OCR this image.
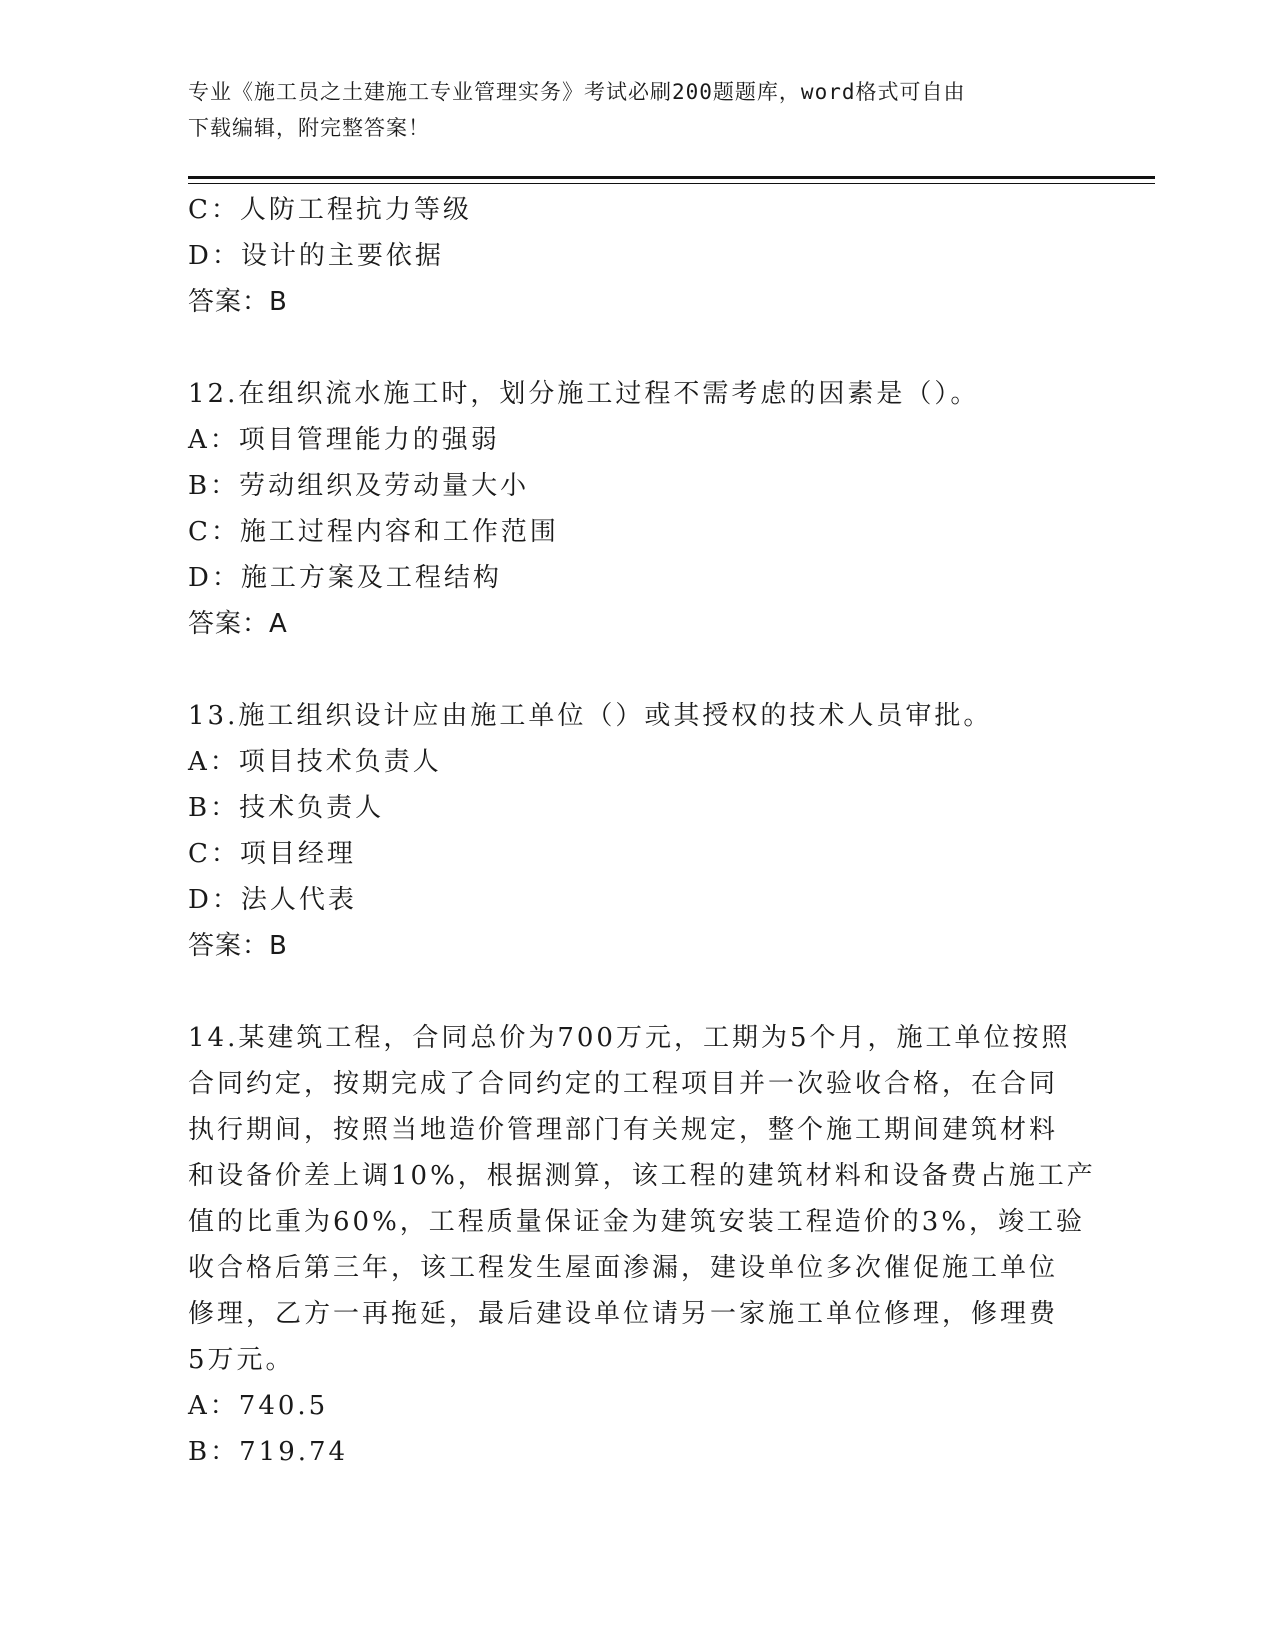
专业《施工员之土建施工专业管理实务》考试必刷200题题库，word格式可自由
下载编辑，附完整答案！
C：人防工程抗力等级
D：设计的主要依据
答案：B
12.在组织流水施工时，划分施工过程不需考虑的因素是（）。
A：项目管理能力的强弱
B：劳动组织及劳动量大小
C：施工过程内容和工作范围
D：施工方案及工程结构
答案：A
13.施工组织设计应由施工单位（）或其授权的技术人员审批。
A：项目技术负责人
B：技术负责人
C：项目经理
D：法人代表
答案：B
14.某建筑工程，合同总价为700万元，工期为5个月，施工单位按照
合同约定，按期完成了合同约定的工程项目并一次验收合格，在合同
执行期间，按照当地造价管理部门有关规定，整个施工期间建筑材料
和设备价差上调10%，根据测算，该工程的建筑材料和设备费占施工产
值的比重为60%，工程质量保证金为建筑安装工程造价的3%，竣工验
收合格后第三年，该工程发生屋面渗漏，建设单位多次催促施工单位
修理，乙方一再拖延，最后建设单位请另一家施工单位修理，修理费
5万元。
A：740.5
B：719.74
